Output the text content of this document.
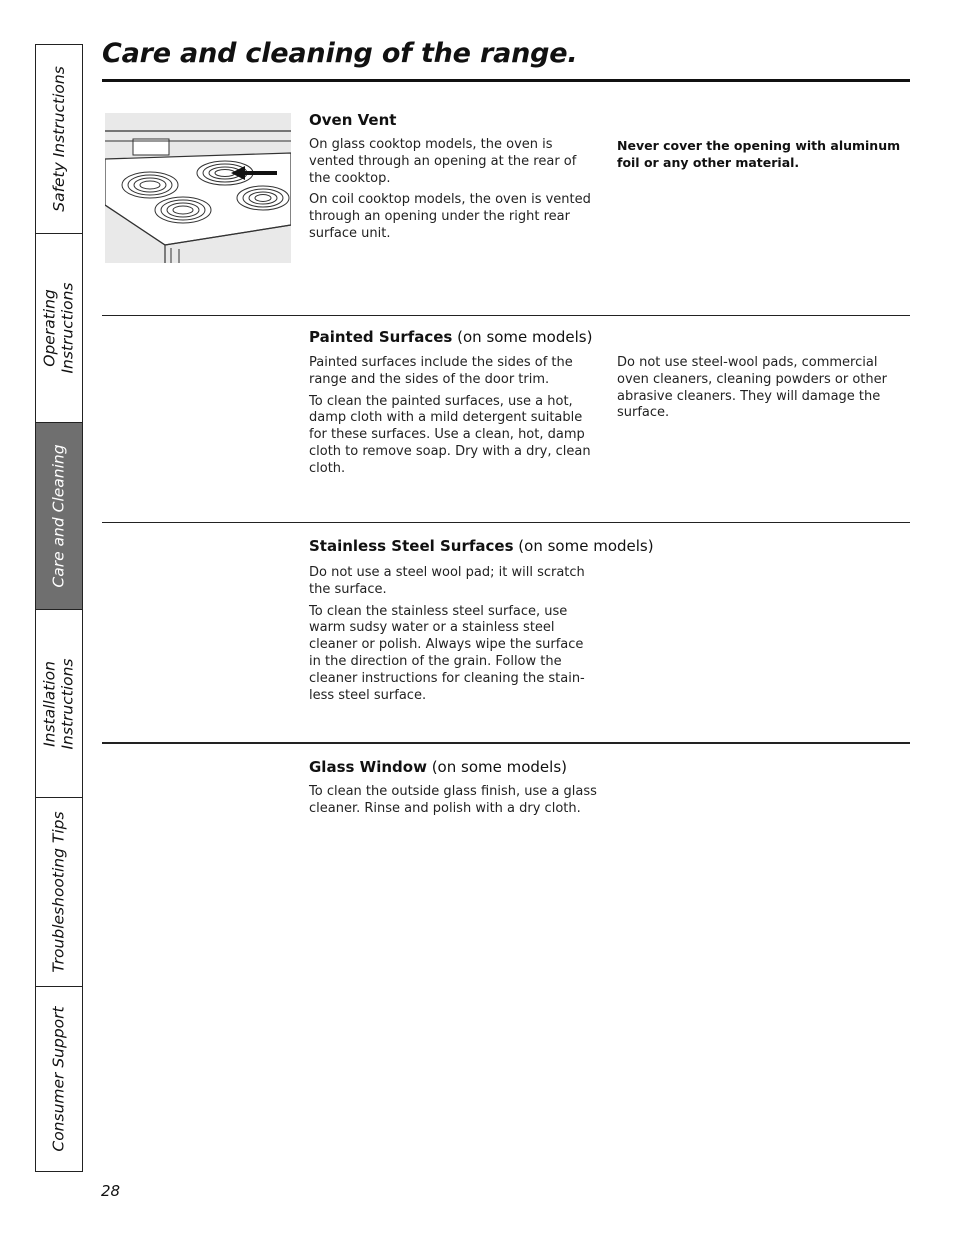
Safety Instructions
Operating
Instructions
Care and Cleaning
Installation
Instructions
Troubleshooting Tips
Consumer Support
Care and cleaning of the range.
Oven Vent

On glass cooktop models, the oven is vented through an opening at the rear of the cooktop.

On coil cooktop models, the oven is vented through an opening under the right rear surface unit.

Never cover the opening with aluminum foil or any other material.

Painted Surfaces (on some models)

Painted surfaces include the sides of the range and the sides of the door trim.

To clean the painted surfaces, use a hot, damp cloth with a mild detergent suitable for these surfaces. Use a clean, hot, damp cloth to remove soap. Dry with a dry, clean cloth.

Do not use steel-wool pads, commercial oven cleaners, cleaning powders or other abrasive cleaners. They will damage the surface.

Stainless Steel Surfaces (on some models)

Do not use a steel wool pad; it will scratch the surface.

To clean the stainless steel surface, use warm sudsy water or a stainless steel cleaner or polish. Always wipe the surface in the direction of the grain. Follow the cleaner instructions for cleaning the stain-less steel surface.

Glass Window (on some models)

To clean the outside glass finish, use a glass cleaner. Rinse and polish with a dry cloth.

28
